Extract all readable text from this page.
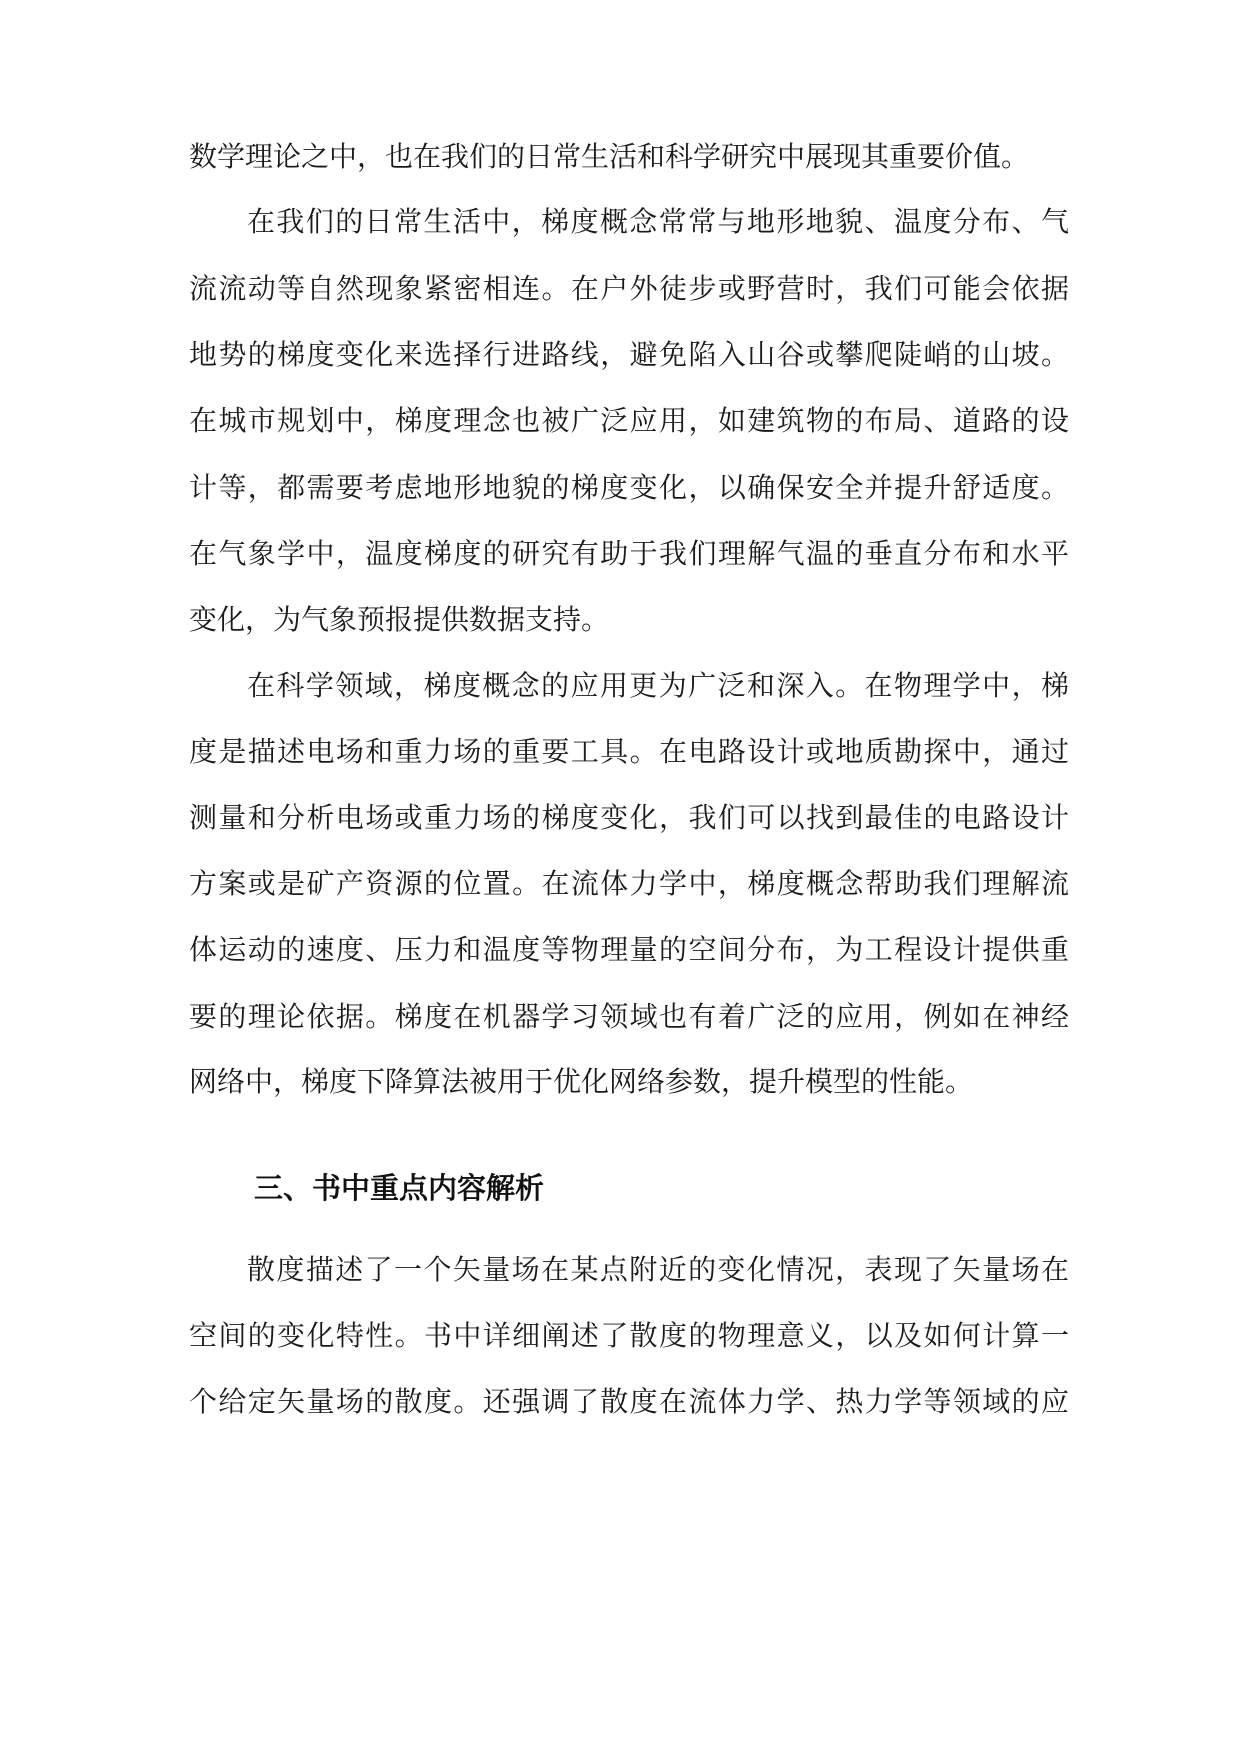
数学理论之中，也在我们的日常生活和科学研究中展现其重要价值。
在我们的日常生活中，梯度概念常常与地形地貌、温度分布、气
流流动等自然现象紧密相连。在户外徒步或野营时，我们可能会依据
地势的梯度变化来选择行进路线，避免陷入山谷或攀爬陡峭的山坡。
在城市规划中，梯度理念也被广泛应用，如建筑物的布局、道路的设
计等，都需要考虑地形地貌的梯度变化，以确保安全并提升舒适度。
在气象学中，温度梯度的研究有助于我们理解气温的垂直分布和水平
变化，为气象预报提供数据支持。
在科学领域，梯度概念的应用更为广泛和深入。在物理学中，梯
度是描述电场和重力场的重要工具。在电路设计或地质勘探中，通过
测量和分析电场或重力场的梯度变化，我们可以找到最佳的电路设计
方案或是矿产资源的位置。在流体力学中，梯度概念帮助我们理解流
体运动的速度、压力和温度等物理量的空间分布，为工程设计提供重
要的理论依据。梯度在机器学习领域也有着广泛的应用，例如在神经
网络中，梯度下降算法被用于优化网络参数，提升模型的性能。
三、书中重点内容解析
散度描述了一个矢量场在某点附近的变化情况，表现了矢量场在
空间的变化特性。书中详细阐述了散度的物理意义，以及如何计算一
个给定矢量场的散度。还强调了散度在流体力学、热力学等领域的应
